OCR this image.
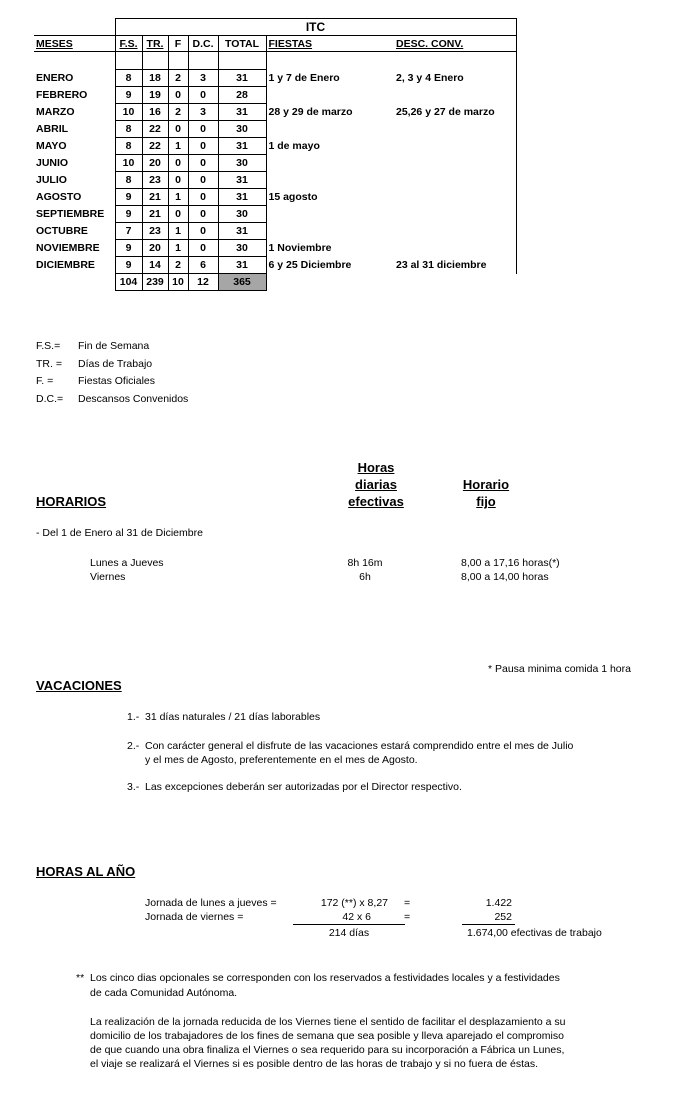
	ITC						
MESES	F.S.	TR.	F	D.C.	TOTAL	FIESTAS	DESC. CONV.

ENERO	8	18	2	3	31	1 y 7 de Enero	2, 3 y 4 Enero
FEBRERO	9	19	0	0	28		
MARZO	10	16	2	3	31	28 y 29 de marzo	25,26 y 27 de marzo
ABRIL	8	22	0	0	30		
MAYO	8	22	1	0	31	1 de mayo	
JUNIO	10	20	0	0	30		
JULIO	8	23	0	0	31		
AGOSTO	9	21	1	0	31	15 agosto	
SEPTIEMBRE	9	21	0	0	30		
OCTUBRE	7	23	1	0	31		
NOVIEMBRE	9	20	1	0	30	1 Noviembre	
DICIEMBRE	9	14	2	6	31	6 y 25 Diciembre	23 al 31 diciembre
	104	239	10	12	365		
F.S.= Fin de Semana
TR. = Días de Trabajo
F. = Fiestas Oficiales
D.C.= Descansos Convenidos
HORARIOS
Horas
diarias
efectivas
Horario
fijo
- Del 1 de Enero al 31 de Diciembre
Lunes a Jueves	8h 16m	8,00 a 17,16 horas(*)
Viernes	6h	8,00 a 14,00 horas
* Pausa minima comida 1 hora
VACACIONES
1.- 31 días naturales / 21 días laborables
2.- Con carácter general el disfrute de las vacaciones estará comprendido entre el mes de Julio
y el mes de Agosto, preferentemente en el mes de Agosto.
3.- Las excepciones deberán ser autorizadas por el Director respectivo.
HORAS AL AÑO
Jornada de lunes a jueves =	172 (**) x 8,27 =	1.422
Jornada de viernes =	42 x 6	=	252
214 días	1.674,00 efectivas de trabajo
** Los cinco dias opcionales se corresponden con los reservados a festividades locales y a festividades
de cada Comunidad Autónoma.
La realización de la jornada reducida de los Viernes tiene el sentido de facilitar el desplazamiento a su
domicilio de los trabajadores de los fines de semana que sea posible y lleva aparejado el compromiso
de que cuando una obra finaliza el Viernes o sea requerido para su incorporación a Fábrica un Lunes,
el viaje se realizará el Viernes si es posible dentro de las horas de trabajo y si no fuera de éstas.
